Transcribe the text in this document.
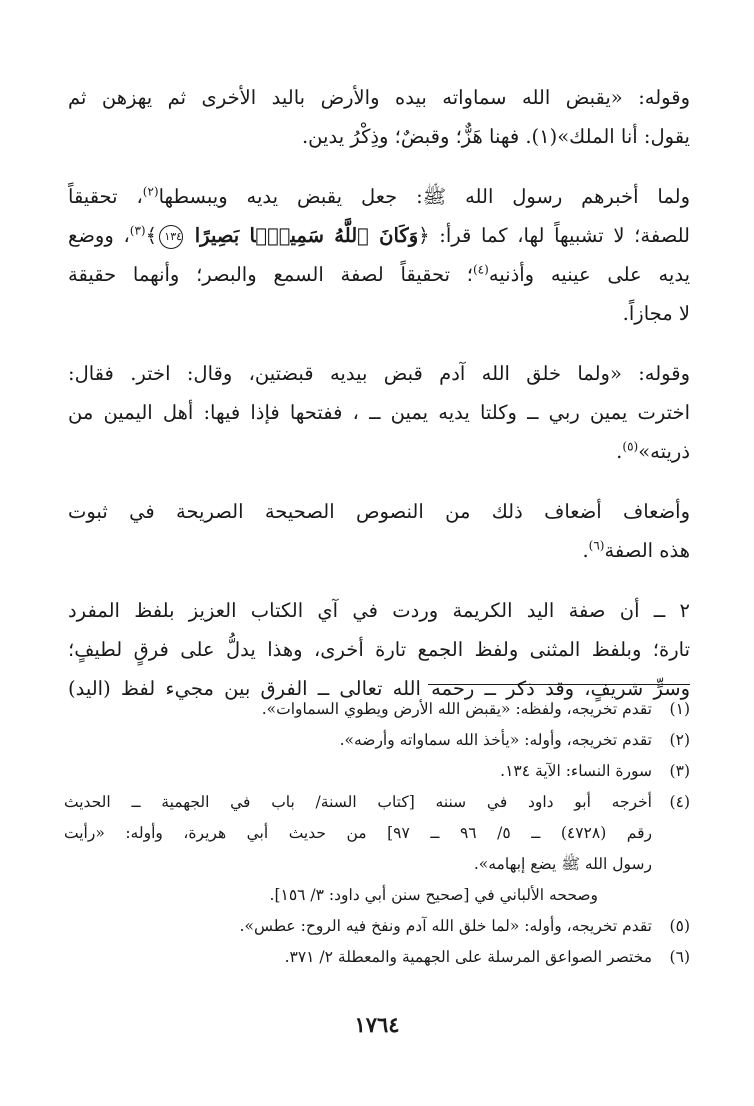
وقوله: «يقبض الله سماواته بيده والأرض باليد الأخرى ثم يهزهن ثم
يقول: أنا الملك»(١). فهنا هَزٌّ؛ وقبضٌ؛ وذِكْرُ يدين.

ولما أخبرهم رسول الله ﷺ: جعل يقبض يديه ويبسطها$^{(٢)}$، تحقيقاً
للصفة؛ لا تشبيهاً لها، كما قرأ: ﴿وَكَانَ ٱللَّهُ سَمِيعًۢا بَصِيرًا ١٣٤﴾$^{(٣)}$، ووضع
يديه على عينيه وأذنيه$^{(٤)}$؛ تحقيقاً لصفة السمع والبصر؛ وأنهما حقيقة
لا مجازاً.

وقوله: «ولما خلق الله آدم قبض بيديه قبضتين، وقال: اختر. فقال:
اخترت يمين ربي ــ وكلتا يديه يمين ــ ، ففتحها فإذا فيها: أهل اليمين من
ذريته»$^{(٥)}$.

وأضعاف أضعاف ذلك من النصوص الصحيحة الصريحة في ثبوت
هذه الصفة$^{(٦)}$.

٢ ــ أن صفة اليد الكريمة وردت في آي الكتاب العزيز بلفظ المفرد
تارة؛ وبلفظ المثنى ولفظ الجمع تارة أخرى، وهذا يدلُّ على فرقٍ لطيفٍ؛
وسرٍّ شريفٍ، وقد ذكر ــ رحمه الله تعالى ــ الفرق بين مجيء لفظ (اليد)

(١)
تقدم تخريجه، ولفظه: «يقبض الله الأرض ويطوي السماوات».
(٢)
تقدم تخريجه، وأوله: «يأخذ الله سماواته وأرضه».
(٣)
سورة النساء: الآية ١٣٤.
(٤)
أخرجه أبو داود في سننه [كتاب السنة/ باب في الجهمية ــ الحديث
رقم (٤٧٢٨) ــ ٥/ ٩٦ ــ ٩٧] من حديث أبي هريرة، وأوله: «رأيت
رسول الله ﷺ يضع إبهامه».
وصححه الألباني في [صحيح سنن أبي داود: ٣/ ١٥٦].
(٥)
تقدم تخريجه، وأوله: «لما خلق الله آدم ونفخ فيه الروح: عطس».
(٦)
مختصر الصواعق المرسلة على الجهمية والمعطلة ٢/ ٣٧١.
١٧٦٤
